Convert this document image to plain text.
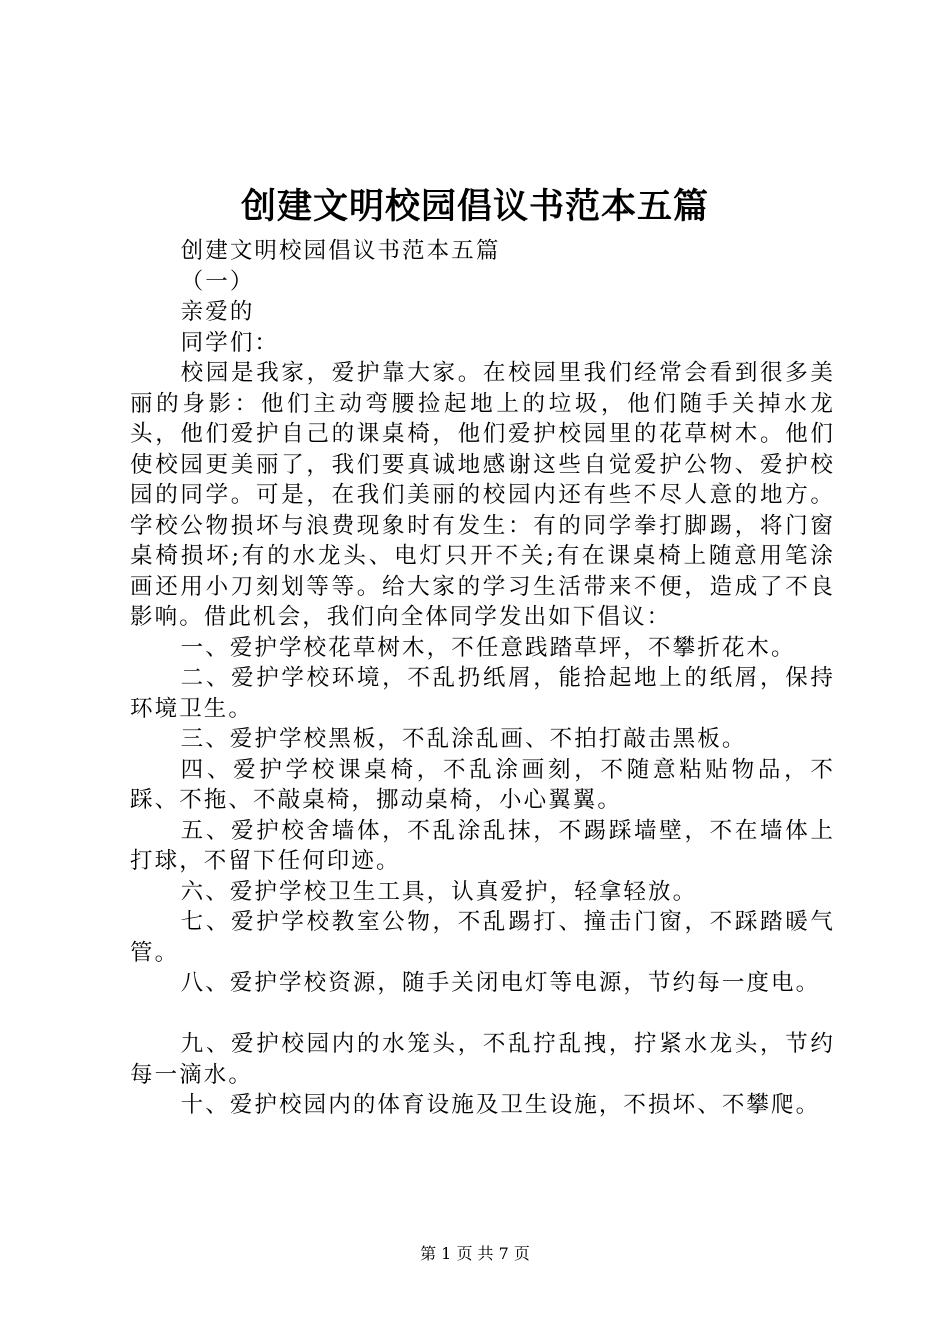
创建文明校园倡议书范本五篇

创建文明校园倡议书范本五篇

（一）

亲爱的

同学们：

校园是我家，爱护靠大家。在校园里我们经常会看到很多美丽的身影：他们主动弯腰捡起地上的垃圾，他们随手关掉水龙头，他们爱护自己的课桌椅，他们爱护校园里的花草树木。他们使校园更美丽了，我们要真诚地感谢这些自觉爱护公物、爱护校园的同学。可是，在我们美丽的校园内还有些不尽人意的地方。学校公物损坏与浪费现象时有发生：有的同学拳打脚踢，将门窗桌椅损坏;有的水龙头、电灯只开不关;有在课桌椅上随意用笔涂画还用小刀刻划等等。给大家的学习生活带来不便，造成了不良影响。借此机会，我们向全体同学发出如下倡议：

一、爱护学校花草树木，不任意践踏草坪，不攀折花木。

二、爱护学校环境，不乱扔纸屑，能拾起地上的纸屑，保持环境卫生。

三、爱护学校黑板，不乱涂乱画、不拍打敲击黑板。

四、爱护学校课桌椅，不乱涂画刻，不随意粘贴物品，不踩、不拖、不敲桌椅，挪动桌椅，小心翼翼。

五、爱护校舍墙体，不乱涂乱抹，不踢踩墙壁，不在墙体上打球，不留下任何印迹。

六、爱护学校卫生工具，认真爱护，轻拿轻放。

七、爱护学校教室公物，不乱踢打、撞击门窗，不踩踏暖气管。

八、爱护学校资源，随手关闭电灯等电源，节约每一度电。

九、爱护校园内的水笼头，不乱拧乱拽，拧紧水龙头，节约每一滴水。

十、爱护校园内的体育设施及卫生设施，不损坏、不攀爬。

第 1 页 共 7 页
